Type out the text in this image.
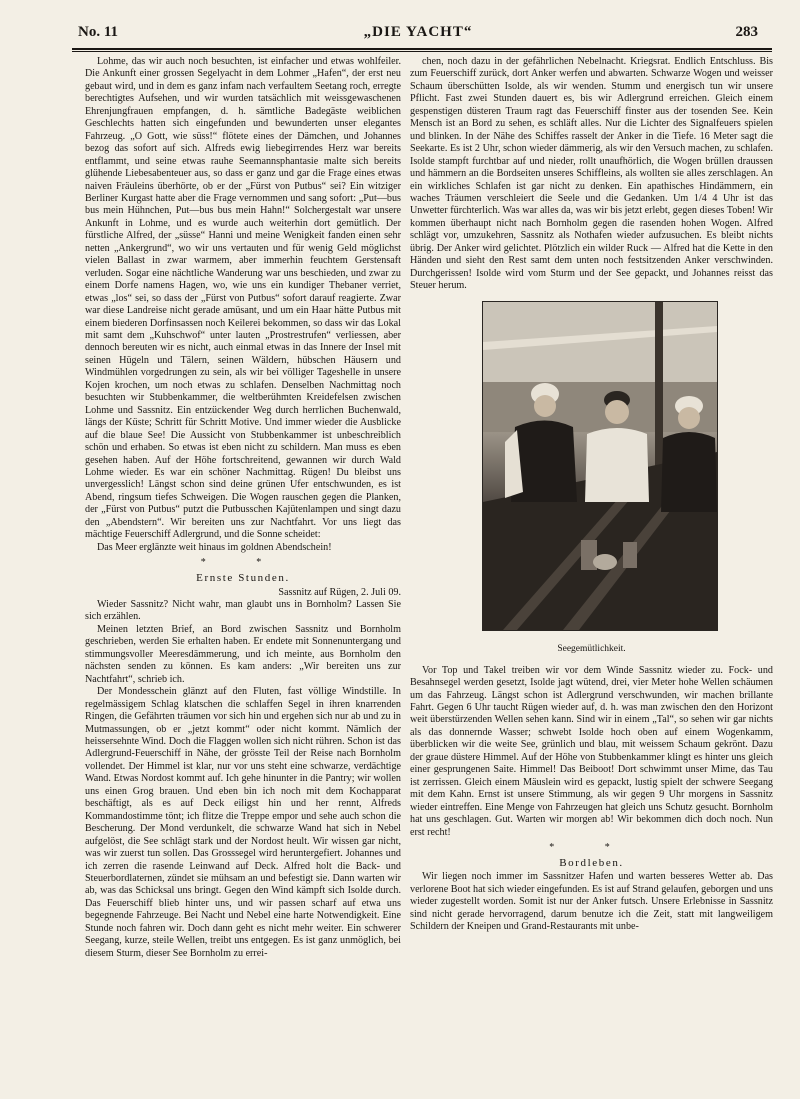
No. 11	„DIE YACHT“	283

Lohme, das wir auch noch besuchten, ist einfacher und etwas wohlfeiler. Die Ankunft einer grossen Segelyacht in dem Lohmer „Hafen“, der erst neu gebaut wird, und in dem es ganz infam nach verfaultem Seetang roch, erregte berechtigtes Aufsehen, und wir wurden tatsächlich mit weissgewaschenen Ehrenjungfrauen empfangen, d. h. sämtliche Badegäste weiblichen Geschlechts hatten sich eingefunden und bewunderten unser elegantes Fahrzeug. „O Gott, wie süss!“ flötete eines der Dämchen, und Johannes bezog das sofort auf sich. Alfreds ewig liebegirrendes Herz war bereits entflammt, und seine etwas rauhe Seemannsphantasie malte sich bereits glühende Liebesabenteuer aus, so dass er ganz und gar die Frage eines etwas naiven Fräuleins überhörte, ob er der „Fürst von Putbus“ sei? Ein witziger Berliner Kurgast hatte aber die Frage vernommen und sang sofort: „Put—bus bus mein Hühnchen, Put—bus bus mein Hahn!“ Solchergestalt war unsere Ankunft in Lohme, und es wurde auch weiterhin dort gemütlich. Der fürstliche Alfred, der „süsse“ Hanni und meine Wenigkeit fanden einen sehr netten „Ankergrund“, wo wir uns vertauten und für wenig Geld möglichst vielen Ballast in zwar warmem, aber immerhin feuchtem Gerstensaft verluden. Sogar eine nächtliche Wanderung war uns beschieden, und zwar zu einem Dorfe namens Hagen, wo, wie uns ein kundiger Thebaner verriet, etwas „los“ sei, so dass der „Fürst von Putbus“ sofort darauf reagierte. Zwar war diese Landreise nicht gerade amüsant, und um ein Haar hätte Putbus mit einem biederen Dorfinsassen noch Keilerei bekommen, so dass wir das Lokal mit samt dem „Kuhschwof“ unter lauten „Prostrestrufen“ verliessen, aber dennoch bereuten wir es nicht, auch einmal etwas in das Innere der Insel mit seinen Hügeln und Tälern, seinen Wäldern, hübschen Häusern und Windmühlen vorgedrungen zu sein, als wir bei völliger Tageshelle in unsere Kojen krochen, um noch etwas zu schlafen. Denselben Nachmittag noch besuchten wir Stubbenkammer, die weltberühmten Kreidefelsen zwischen Lohme und Sassnitz. Ein entzückender Weg durch herrlichen Buchenwald, längs der Küste; Schritt für Schritt Motive. Und immer wieder die Ausblicke auf die blaue See! Die Aussicht von Stubbenkammer ist unbeschreiblich schön und erhaben. So etwas ist eben nicht zu schildern. Man muss es eben gesehen haben. Auf der Höhe fortschreitend, gewannen wir durch Wald Lohme wieder. Es war ein schöner Nachmittag. Rügen! Du bleibst uns unvergesslich! Längst schon sind deine grünen Ufer entschwunden, es ist Abend, ringsum tiefes Schweigen. Die Wogen rauschen gegen die Planken, der „Fürst von Putbus“ putzt die Putbusschen Kajütenlampen und singt dazu den „Abendstern“. Wir bereiten uns zur Nachtfahrt. Vor uns liegt das mächtige Feuerschiff Adlergrund, und die Sonne scheidet:

Das Meer erglänzte weit hinaus im goldnen Abendschein!

* *
Ernste Stunden.
Sassnitz auf Rügen, 2. Juli 09.

Wieder Sassnitz? Nicht wahr, man glaubt uns in Bornholm? Lassen Sie sich erzählen.

Meinen letzten Brief, an Bord zwischen Sassnitz und Bornholm geschrieben, werden Sie erhalten haben. Er endete mit Sonnenuntergang und stimmungsvoller Meeresdämmerung, und ich meinte, aus Bornholm den nächsten senden zu können. Es kam anders: „Wir bereiten uns zur Nachtfahrt“, schrieb ich.

Der Mondesschein glänzt auf den Fluten, fast völlige Windstille. In regelmässigem Schlag klatschen die schlaffen Segel in ihren knarrenden Ringen, die Gefährten träumen vor sich hin und ergehen sich nur ab und zu in Mutmassungen, ob er „jetzt kommt“ oder nicht kommt. Nämlich der heissersehnte Wind. Doch die Flaggen wollen sich nicht rühren. Schon ist das Adlergrund-Feuerschiff in Nähe, der grösste Teil der Reise nach Bornholm vollendet. Der Himmel ist klar, nur vor uns steht eine schwarze, verdächtige Wand. Etwas Nordost kommt auf. Ich gehe hinunter in die Pantry; wir wollen uns einen Grog brauen. Und eben bin ich noch mit dem Kochapparat beschäftigt, als es auf Deck eiligst hin und her rennt, Alfreds Kommandostimme tönt; ich flitze die Treppe empor und sehe auch schon die Bescherung. Der Mond verdunkelt, die schwarze Wand hat sich in Nebel aufgelöst, die See schlägt stark und der Nordost heult. Wir wissen gar nicht, was wir zuerst tun sollen. Das Grosssegel wird heruntergefiert. Johannes und ich zerren die rasende Leinwand auf Deck. Alfred holt die Back- und Steuerbordlaternen, zündet sie mühsam an und befestigt sie. Dann warten wir ab, was das Schicksal uns bringt. Gegen den Wind kämpft sich Isolde durch. Das Feuerschiff blieb hinter uns, und wir passen scharf auf etwa uns begegnende Fahrzeuge. Bei Nacht und Nebel eine harte Notwendigkeit. Eine Stunde noch fahren wir. Doch dann geht es nicht mehr weiter. Ein schwerer Seegang, kurze, steile Wellen, treibt uns entgegen. Es ist ganz unmöglich, bei diesem Sturm, dieser See Bornholm zu errei-

chen, noch dazu in der gefährlichen Nebelnacht. Kriegsrat. Endlich Entschluss. Bis zum Feuerschiff zurück, dort Anker werfen und abwarten. Schwarze Wogen und weisser Schaum überschütten Isolde, als wir wenden. Stumm und energisch tun wir unsere Pflicht. Fast zwei Stunden dauert es, bis wir Adlergrund erreichen. Gleich einem gespenstigen düsteren Traum ragt das Feuerschiff finster aus der tosenden See. Kein Mensch ist an Bord zu sehen, es schläft alles. Nur die Lichter des Signalfeuers spielen und blinken. In der Nähe des Schiffes rasselt der Anker in die Tiefe. 16 Meter sagt die Seekarte. Es ist 2 Uhr, schon wieder dämmerig, als wir den Versuch machen, zu schlafen. Isolde stampft furchtbar auf und nieder, rollt unaufhörlich, die Wogen brüllen draussen und hämmern an die Bordseiten unseres Schiffleins, als wollten sie alles zerschlagen. An ein wirkliches Schlafen ist gar nicht zu denken. Ein apathisches Hindämmern, ein waches Träumen verschleiert die Seele und die Gedanken. Um 1/4 4 Uhr ist das Unwetter fürchterlich. Was war alles da, was wir bis jetzt erlebt, gegen dieses Toben! Wir kommen überhaupt nicht nach Bornholm gegen die rasenden hohen Wogen. Alfred schlägt vor, umzukehren, Sassnitz als Nothafen wieder aufzusuchen. Es bleibt nichts übrig. Der Anker wird gelichtet. Plötzlich ein wilder Ruck — Alfred hat die Kette in den Händen und sieht den Rest samt dem unten noch festsitzenden Anker verschwinden. Durchgerissen! Isolde wird vom Sturm und der See gepackt, und Johannes reisst das Steuer herum.

Seegemütlichkeit.

Vor Top und Takel treiben wir vor dem Winde Sassnitz wieder zu. Fock- und Besahnsegel werden gesetzt, Isolde jagt wütend, drei, vier Meter hohe Wellen schäumen um das Fahrzeug. Längst schon ist Adlergrund verschwunden, wir machen brillante Fahrt. Gegen 6 Uhr taucht Rügen wieder auf, d. h. was man zwischen den den Horizont weit überstürzenden Wellen sehen kann. Sind wir in einem „Tal“, so sehen wir gar nichts als das donnernde Wasser; schwebt Isolde hoch oben auf einem Wogenkamm, überblicken wir die weite See, grünlich und blau, mit weissem Schaum gekrönt. Dazu der graue düstere Himmel. Auf der Höhe von Stubbenkammer klingt es hinter uns gleich einer gesprungenen Saite. Himmel! Das Beiboot! Dort schwimmt unser Mime, das Tau ist zerrissen. Gleich einem Mäuslein wird es gepackt, lustig spielt der schwere Seegang mit dem Kahn. Ernst ist unsere Stimmung, als wir gegen 9 Uhr morgens in Sassnitz wieder eintreffen. Eine Menge von Fahrzeugen hat gleich uns Schutz gesucht. Bornholm hat uns geschlagen. Gut. Warten wir morgen ab! Wir bekommen dich doch noch. Nun erst recht!

* *
Bordleben.

Wir liegen noch immer im Sassnitzer Hafen und warten besseres Wetter ab. Das verlorene Boot hat sich wieder eingefunden. Es ist auf Strand gelaufen, geborgen und uns wieder zugestellt worden. Somit ist nur der Anker futsch. Unsere Erlebnisse in Sassnitz sind nicht gerade hervorragend, darum benutze ich die Zeit, statt mit langweiligem Schildern der Kneipen und Grand-Restaurants mit unbe-
